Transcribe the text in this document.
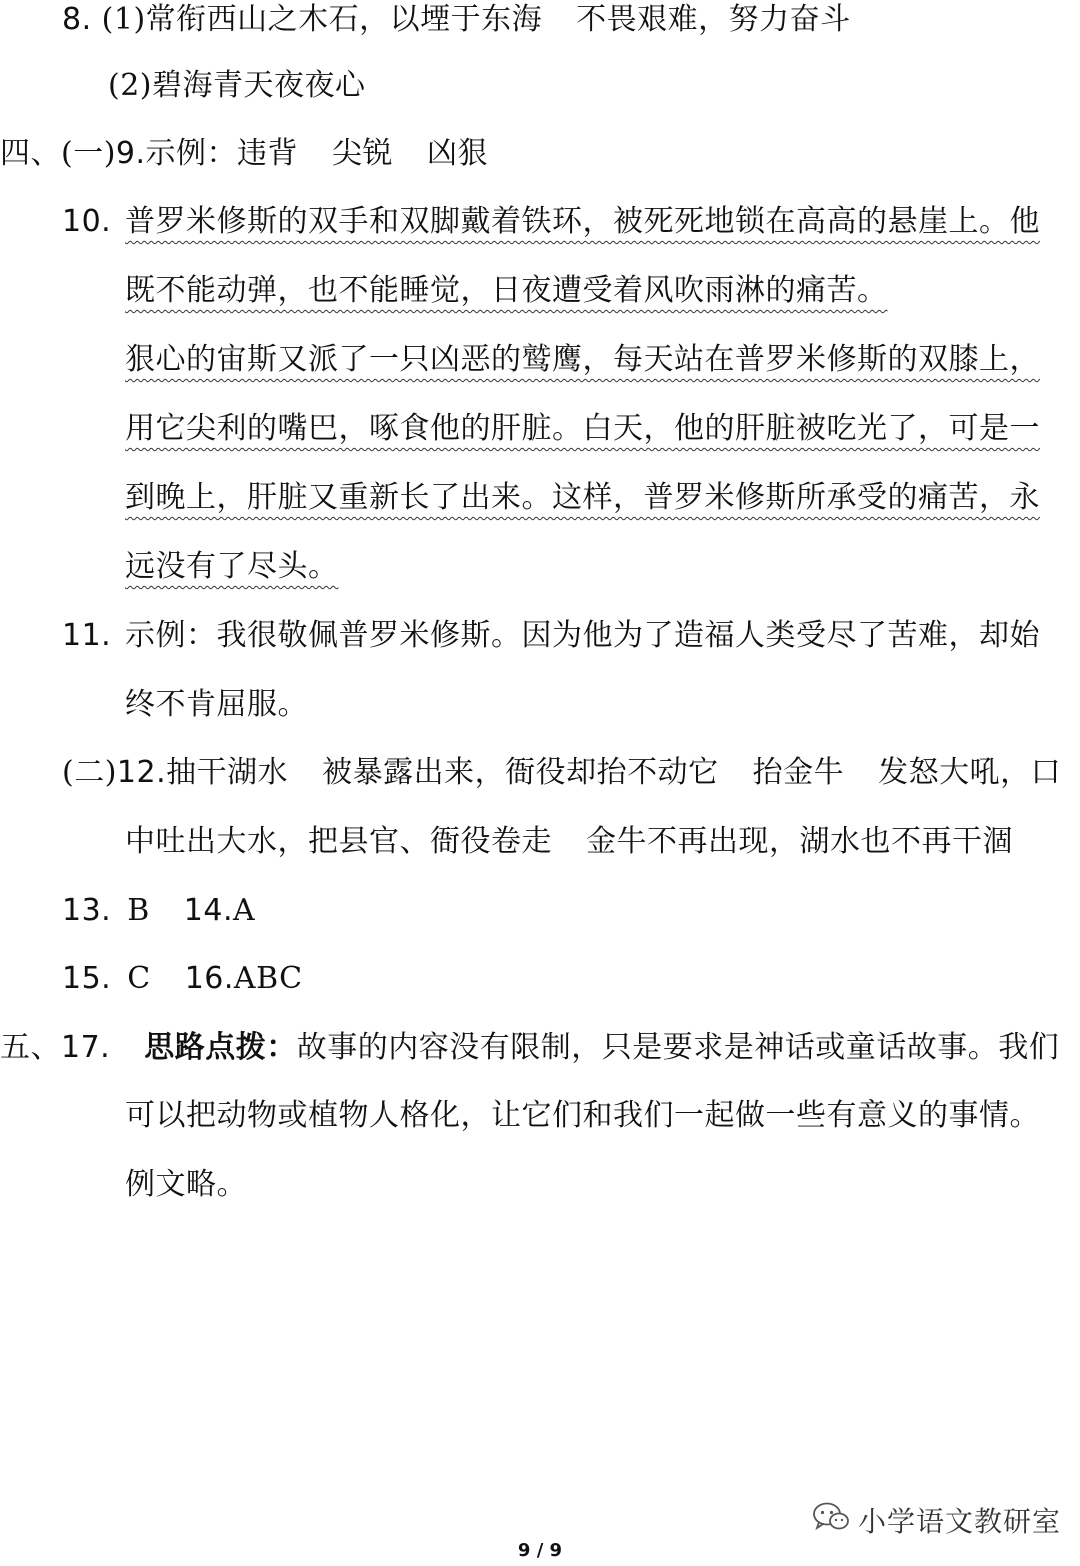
8. (1)常衔西山之木石，以堙于东海 不畏艰难，努力奋斗
(2)碧海青天夜夜心
四、(一)9.示例：违背 尖锐 凶狠
10. 普罗米修斯的双手和双脚戴着铁环，被死死地锁在高高的悬崖上。他
既不能动弹，也不能睡觉，日夜遭受着风吹雨淋的痛苦。
狠心的宙斯又派了一只凶恶的鹫鹰，每天站在普罗米修斯的双膝上，
用它尖利的嘴巴，啄食他的肝脏。白天，他的肝脏被吃光了，可是一
到晚上，肝脏又重新长了出来。这样，普罗米修斯所承受的痛苦，永
远没有了尽头。
11. 示例：我很敬佩普罗米修斯。因为他为了造福人类受尽了苦难，却始
终不肯屈服。
(二)12.抽干湖水 被暴露出来，衙役却抬不动它 抬金牛 发怒大吼，口
中吐出大水，把县官、衙役卷走 金牛不再出现，湖水也不再干涸
13. B 14.A
15. C 16.ABC
五、17. 思路点拨：故事的内容没有限制，只是要求是神话或童话故事。我们
可以把动物或植物人格化，让它们和我们一起做一些有意义的事情。
例文略。
小学语文教研室
9 / 9
